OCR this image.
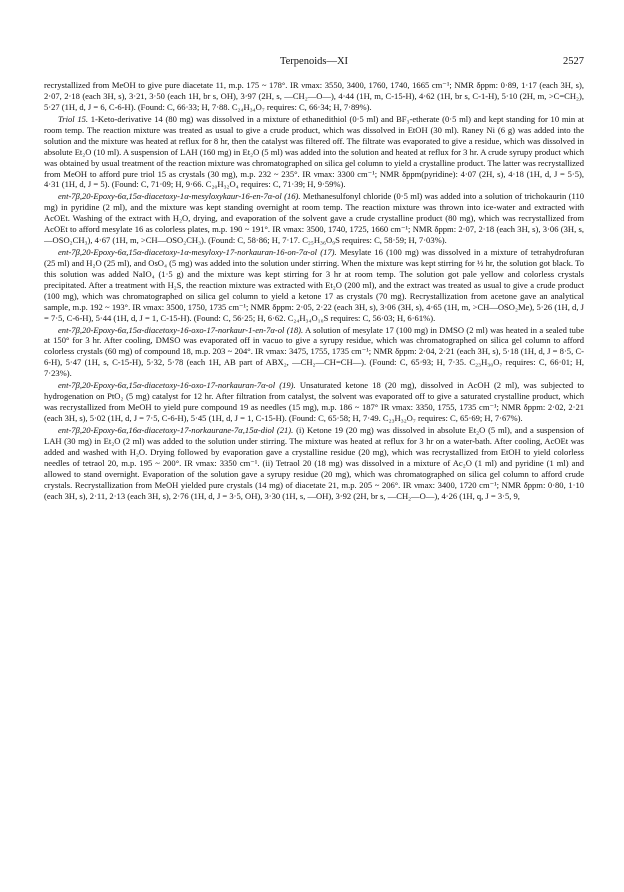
Terpenoids—XI	2527

recrystallized from MeOH to give pure diacetate 11, m.p. 175 ~ 178°. IR νmax: 3550, 3400, 1760, 1740, 1665 cm⁻¹; NMR δppm: 0·89, 1·17 (each 3H, s), 2·07, 2·18 (each 3H, s), 3·21, 3·50 (each 1H, br s, OH), 3·97 (2H, s, —CH₂—O—), 4·44 (1H, m, C-15-H), 4·62 (1H, br s, C-1-H), 5·10 (2H, m, >C=CH₂), 5·27 (1H, d, J = 6, C-6-H). (Found: C, 66·33; H, 7·88. C₂₄H₃₄O₇ requires: C, 66·34; H, 7·89%).

Triol 15. 1-Keto-derivative 14 (80 mg) was dissolved in a mixture of ethanedithiol (0·5 ml) and BF₃-etherate (0·5 ml) and kept standing for 10 min at room temp. The reaction mixture was treated as usual to give a crude product, which was dissolved in EtOH (30 ml). Raney Ni (6 g) was added into the solution and the mixture was heated at reflux for 8 hr, then the catalyst was filtered off. The filtrate was evaporated to give a residue, which was dissolved in absolute Et₂O (10 ml). A suspension of LAH (160 mg) in Et₂O (5 ml) was added into the solution and heated at reflux for 3 hr. A crude syrupy product which was obtained by usual treatment of the reaction mixture was chromatographed on silica gel column to yield a crystalline product. The latter was recrystallized from MeOH to afford pure triol 15 as crystals (30 mg), m.p. 232 ~ 235°. IR νmax: 3300 cm⁻¹; NMR δppm(pyridine): 4·07 (2H, s), 4·18 (1H, d, J = 5·5), 4·31 (1H, d, J = 5). (Found: C, 71·09; H, 9·66. C₂₀H₃₂O₄ requires: C, 71·39; H, 9·59%).

ent-7β,20-Epoxy-6α,15α-diacetoxy-1α-mesyloxykaur-16-en-7α-ol (16). Methanesulfonyl chloride (0·5 ml) was added into a solution of trichokaurin (110 mg) in pyridine (2 ml), and the mixture was kept standing overnight at room temp. The reaction mixture was thrown into ice-water and extracted with AcOEt. Washing of the extract with H₂O, drying, and evaporation of the solvent gave a crude crystalline product (80 mg), which was recrystallized from AcOEt to afford mesylate 16 as colorless plates, m.p. 190 ~ 191°. IR νmax: 3500, 1740, 1725, 1660 cm⁻¹; NMR δppm: 2·07, 2·18 (each 3H, s), 3·06 (3H, s, —OSO₂CH₃), 4·67 (1H, m, >CH—OSO₂CH₃). (Found: C, 58·86; H, 7·17. C₂₅H₃₆O₉S requires: C, 58·59; H, 7·03%).

ent-7β,20-Epoxy-6α,15α-diacetoxy-1α-mesyloxy-17-norkauran-16-on-7α-ol (17). Mesylate 16 (100 mg) was dissolved in a mixture of tetrahydrofuran (25 ml) and H₂O (25 ml), and OsO₄ (5 mg) was added into the solution under stirring. When the mixture was kept stirring for ½ hr, the solution got black. To this solution was added NaIO₄ (1·5 g) and the mixture was kept stirring for 3 hr at room temp. The solution got pale yellow and colorless crystals precipitated. After a treatment with H₂S, the reaction mixture was extracted with Et₂O (200 ml), and the extract was treated as usual to give a crude product (100 mg), which was chromatographed on silica gel column to yield a ketone 17 as crystals (70 mg). Recrystallization from acetone gave an analytical sample, m.p. 192 ~ 193°. IR νmax: 3500, 1750, 1735 cm⁻¹; NMR δppm: 2·05, 2·22 (each 3H, s), 3·06 (3H, s), 4·65 (1H, m, >CH—OSO₂Me), 5·26 (1H, d, J = 7·5, C-6-H), 5·44 (1H, d, J = 1, C-15-H). (Found: C, 56·25; H, 6·62. C₂₄H₃₄O₁₀S requires: C, 56·03; H, 6·61%).

ent-7β,20-Epoxy-6α,15α-diacetoxy-16-oxo-17-norkaur-1-en-7α-ol (18). A solution of mesylate 17 (100 mg) in DMSO (2 ml) was heated in a sealed tube at 150° for 3 hr. After cooling, DMSO was evaporated off in vacuo to give a syrupy residue, which was chromatographed on silica gel column to afford colorless crystals (60 mg) of compound 18, m.p. 203 ~ 204°. IR νmax: 3475, 1755, 1735 cm⁻¹; NMR δppm: 2·04, 2·21 (each 3H, s), 5·18 (1H, d, J = 8·5, C-6-H), 5·47 (1H, s, C-15-H), 5·32, 5·78 (each 1H, AB part of ABX₂, —CH₂—CH=CH—). (Found: C, 65·93; H, 7·35. C₂₃H₃₀O₇ requires: C, 66·01; H, 7·23%).

ent-7β,20-Epoxy-6α,15α-diacetoxy-16-oxo-17-norkauran-7α-ol (19). Unsaturated ketone 18 (20 mg), dissolved in AcOH (2 ml), was subjected to hydrogenation on PtO₂ (5 mg) catalyst for 12 hr. After filtration from catalyst, the solvent was evaporated off to give a saturated crystalline product, which was recrystallized from MeOH to yield pure compound 19 as needles (15 mg), m.p. 186 ~ 187° IR νmax: 3350, 1755, 1735 cm⁻¹; NMR δppm: 2·02, 2·21 (each 3H, s), 5·02 (1H, d, J = 7·5, C-6-H), 5·45 (1H, d, J = 1, C-15-H). (Found: C, 65·58; H, 7·49. C₂₃H₃₂O₇ requires: C, 65·69; H, 7·67%).

ent-7β,20-Epoxy-6α,16α-diacetoxy-17-norkaurane-7α,15α-diol (21). (i) Ketone 19 (20 mg) was dissolved in absolute Et₂O (5 ml), and a suspension of LAH (30 mg) in Et₂O (2 ml) was added to the solution under stirring. The mixture was heated at reflux for 3 hr on a water-bath. After cooling, AcOEt was added and washed with H₂O. Drying followed by evaporation gave a crystalline residue (20 mg), which was recrystallized from EtOH to yield colorless needles of tetraol 20, m.p. 195 ~ 200°. IR νmax: 3350 cm⁻¹. (ii) Tetraol 20 (18 mg) was dissolved in a mixture of Ac₂O (1 ml) and pyridine (1 ml) and allowed to stand overnight. Evaporation of the solution gave a syrupy residue (20 mg), which was chromatographed on silica gel column to afford crude crystals. Recrystallization from MeOH yielded pure crystals (14 mg) of diacetate 21, m.p. 205 ~ 206°. IR νmax: 3400, 1720 cm⁻¹; NMR δppm: 0·80, 1·10 (each 3H, s), 2·11, 2·13 (each 3H, s), 2·76 (1H, d, J = 3·5, OH), 3·30 (1H, s, —OH), 3·92 (2H, br s, —CH₂—O—), 4·26 (1H, q, J = 3·5, 9,
